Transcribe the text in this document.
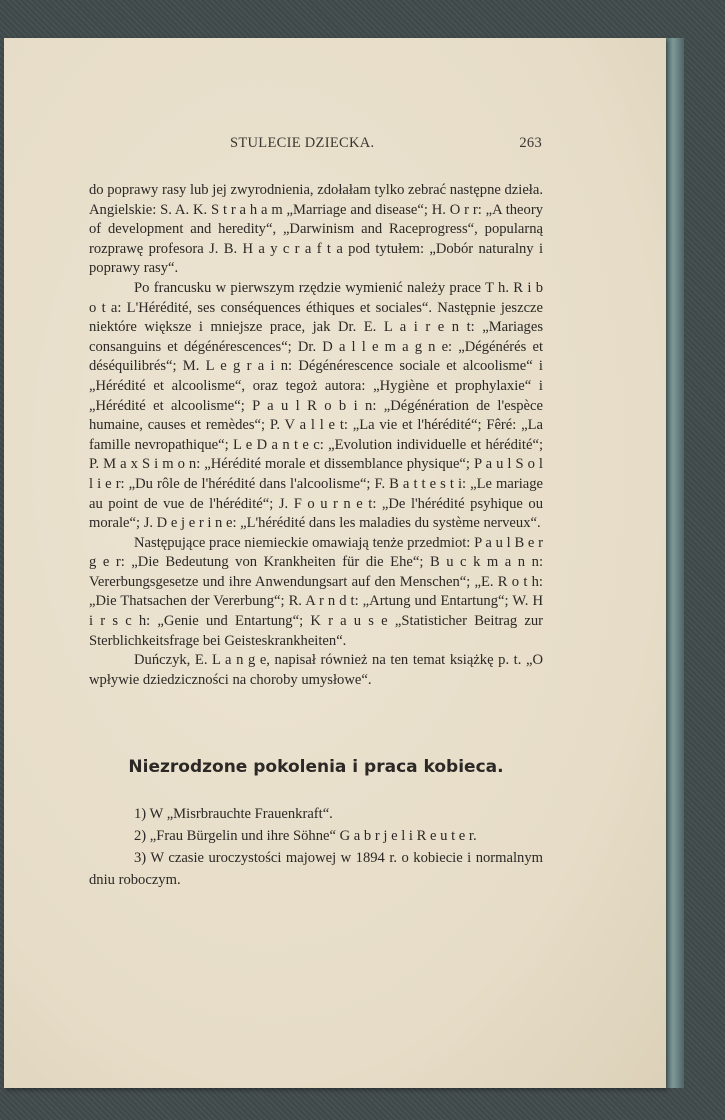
STULECIE DZIECKA.	263

do poprawy rasy lub jej zwyrodnienia, zdołałam tylko zebrać następne dzieła. Angielskie: S. A. K. S t r a h a m „Marriage and disease“; H. O r r: „A theory of development and heredity“, „Darwinism and Raceprogress“, popularną rozprawę profesora J. B. H a y c r a f t a pod tytułem: „Dobór naturalny i poprawy rasy“.

Po francusku w pierwszym rzędzie wymienić należy prace T h. R i b o t a: L'Hérédité, ses conséquences éthiques et sociales“. Następnie jeszcze niektóre większe i mniejsze prace, jak Dr. E. L a i r e n t: „Mariages consanguins et dégénérescences“; Dr. D a l l e m a g n e: „Dégénérés et déséquilibrés“; M. L e g r a i n: Dégénérescence sociale et alcoolisme“ i „Hérédité et alcoolisme“, oraz tegoż autora: „Hygiène et prophylaxie“ i „Hérédité et alcoolisme“; P a u l R o b i n: „Dégénération de l'espèce humaine, causes et remèdes“; P. V a l l e t: „La vie et l'hérédité“; Fêré: „La famille nevropathique“; L e D a n t e c: „Evolution individuelle et hérédité“; P. M a x S i m o n: „Hérédité morale et dissemblance physique“; P a u l S o l l i e r: „Du rôle de l'hérédité dans l'alcoolisme“; F. B a t t e s t i: „Le mariage au point de vue de l'hérédité“; J. F o u r n e t: „De l'hérédité psyhique ou morale“; J. D e j e r i n e: „L'hérédité dans les maladies du système nerveux“.

Następujące prace niemieckie omawiają tenże przedmiot: P a u l B e r g e r: „Die Bedeutung von Krankheiten für die Ehe“; B u c k m a n n: Vererbungsgesetze und ihre Anwendungsart auf den Menschen“; „E. R o t h: „Die Thatsachen der Vererbung“; R. A r n d t: „Artung und Entartung“; W. H i r s c h: „Genie und Entartung“; K r a u s e „Statisticher Beitrag zur Sterblichkeitsfrage bei Geisteskrankheiten“.

Duńczyk, E. L a n g e, napisał również na ten temat książkę p. t. „O wpływie dziedziczności na choroby umysłowe“.

Niezrodzone pokolenia i praca kobieca.

1) W „Misrbrauchte Frauenkraft“.

2) „Frau Bürgelin und ihre Söhne“ G a b r j e l i R e u t e r.

3) W czasie uroczystości majowej w 1894 r. o kobiecie i normalnym dniu roboczym.
